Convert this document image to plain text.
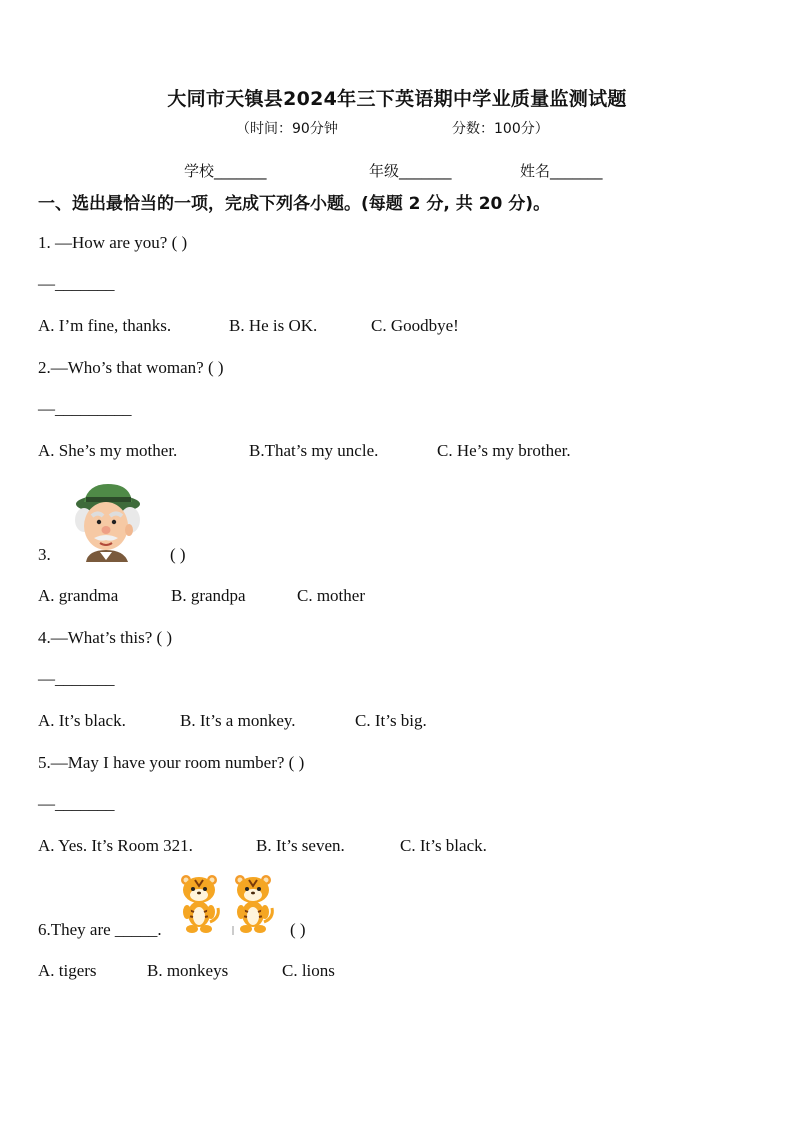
大同市天镇县2024年三下英语期中学业质量监测试题
（时间：90分钟	分数：100分）
学校_______	年级_______	姓名_______
一、选出最恰当的一项，完成下列各小题。(每题 2 分, 共 20 分)。
1. —How are you? ( )
—_______
A. I’m fine, thanks.	B. He is OK.	C. Goodbye!
2.—Who’s that woman? ( )
—_________
A. She’s my mother.	B.That’s my uncle.	C. He’s my brother.
3.	( )
A. grandma	B. grandpa	C. mother
4.—What’s this? ( )
—_______
A. It’s black.	B. It’s a monkey.	C. It’s big.
5.—May I have your room number? ( )
—_______
A. Yes. It’s Room 321.	B. It’s seven.	C. It’s black.
6.They are _____.	( )
A. tigers	B. monkeys	C. lions
